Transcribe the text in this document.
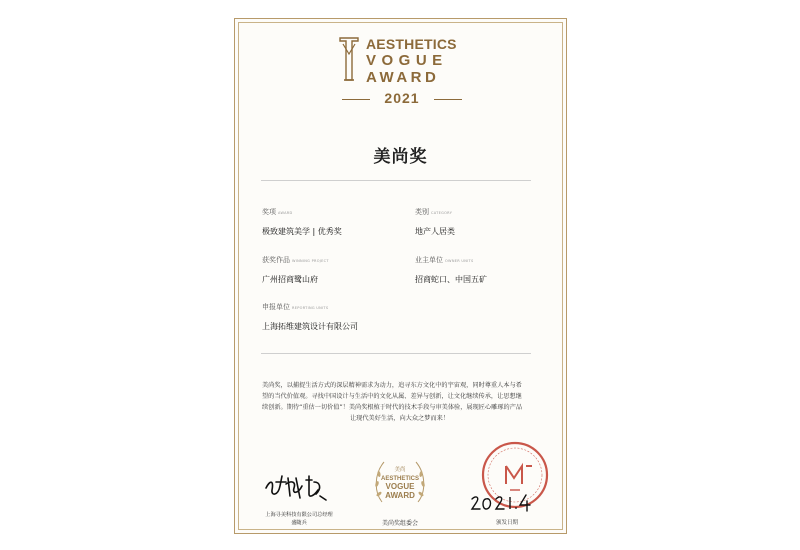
AESTHETICS
VOGUE
AWARD
2021
美尚奖
奖项 AWARD
极致建筑美学 | 优秀奖
类别 CATEGORY
地产人居类
获奖作品 WINNING PROJECT
广州招商鹭山府
业主单位 OWNER UNITS
招商蛇口、中国五矿
申报单位 REPORTING UNITS
上海拓维建筑设计有限公司

美尚奖，以捕捉生活方式的深层精神需求为动力，追寻东方文化中的宇宙观，同时尊重人本与希

望的当代价值观。寻找中国设计与生活中的文化从属、差异与创新，让文化继续传承，让思想继

续创新。期待“重估一切价值”！美尚奖根植于时代的技术手段与审美体验，展现匠心雕琢的产品

让现代美好生活，向大众之梦而来！

上海寻美科技有限公司总经理
盛随兵
美尚
AESTHETICS
VOGUE
AWARD
美尚奖组委会	颁发日期
